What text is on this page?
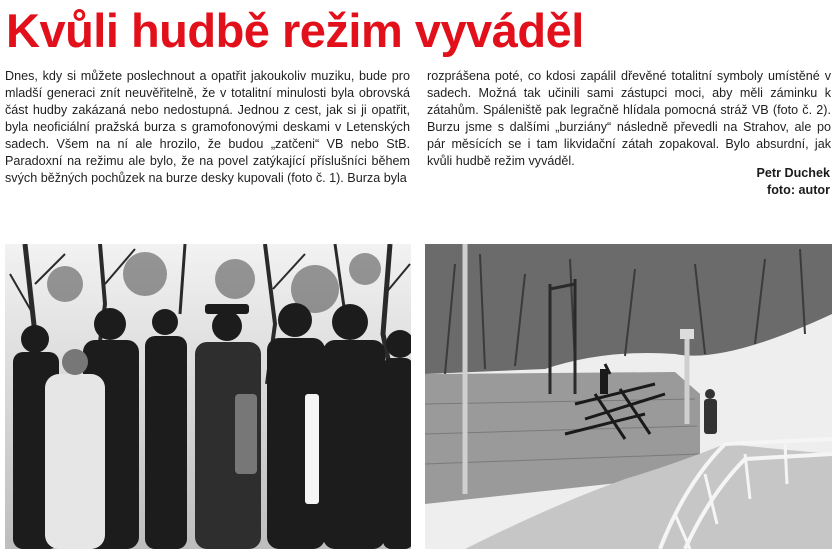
Kvůli hudbě režim vyváděl
Dnes, kdy si můžete poslechnout a opatřit jakoukoliv muziku, bude pro mladší generaci znít neuvěřitelně, že v totalitní minulosti byla obrovská část hudby zakázaná nebo nedostupná. Jednou z cest, jak si ji opatřit, byla neoficiální pražská burza s gramofonovými deskami v Letenských sadech. Všem na ní ale hrozilo, že budou „zatčeni“ VB nebo StB. Paradoxní na režimu ale bylo, že na povel zatýkající příslušníci během svých běžných pochůzek na burze desky kupovali (foto č. 1). Burza byla
rozprášena poté, co kdosi zapálil dřevěné totalitní symboly umístěné v sadech. Možná tak učinili sami zástupci moci, aby měli záminku k zátahům. Spáleniště pak legračně hlídala pomocná stráž VB (foto č. 2). Burzu jsme s dalšími „burziány“ následně převedli na Strahov, ale po pár měsících se i tam likvidační zátah zopakoval. Bylo absurdní, jak kvůli hudbě režim vyváděl.
Petr Duchek
foto: autor
